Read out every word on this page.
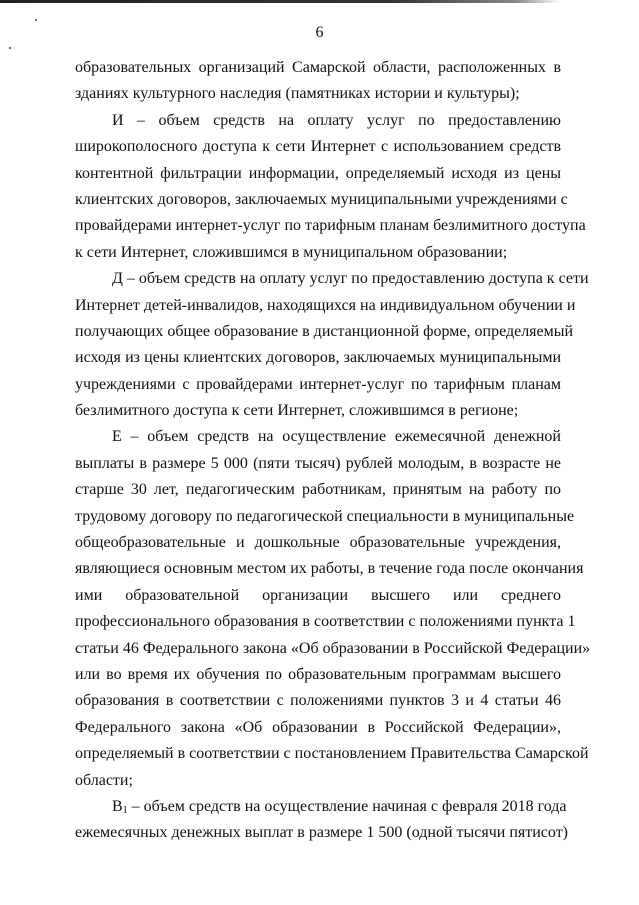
6
образовательных организаций Самарской области, расположенных в
зданиях культурного наследия (памятниках истории и культуры);
И – объем средств на оплату услуг по предоставлению
широкополосного доступа к сети Интернет с использованием средств
контентной фильтрации информации, определяемый исходя из цены
клиентских договоров, заключаемых муниципальными учреждениями с
провайдерами интернет-услуг по тарифным планам безлимитного доступа
к сети Интернет, сложившимся в муниципальном образовании;
Д – объем средств на оплату услуг по предоставлению доступа к сети
Интернет детей-инвалидов, находящихся на индивидуальном обучении и
получающих общее образование в дистанционной форме, определяемый
исходя из цены клиентских договоров, заключаемых муниципальными
учреждениями с провайдерами интернет-услуг по тарифным планам
безлимитного доступа к сети Интернет, сложившимся в регионе;
Е – объем средств на осуществление ежемесячной денежной
выплаты в размере 5 000 (пяти тысяч) рублей молодым, в возрасте не
старше 30 лет, педагогическим работникам, принятым на работу по
трудовому договору по педагогической специальности в муниципальные
общеобразовательные и дошкольные образовательные учреждения,
являющиеся основным местом их работы, в течение года после окончания
ими образовательной организации высшего или среднего
профессионального образования в соответствии с положениями пункта 1
статьи 46 Федерального закона «Об образовании в Российской Федерации»
или во время их обучения по образовательным программам высшего
образования в соответствии с положениями пунктов 3 и 4 статьи 46
Федерального закона «Об образовании в Российской Федерации»,
определяемый в соответствии с постановлением Правительства Самарской
области;
$В_1$ – объем средств на осуществление начиная с февраля 2018 года
ежемесячных денежных выплат в размере 1 500 (одной тысячи пятисот)
